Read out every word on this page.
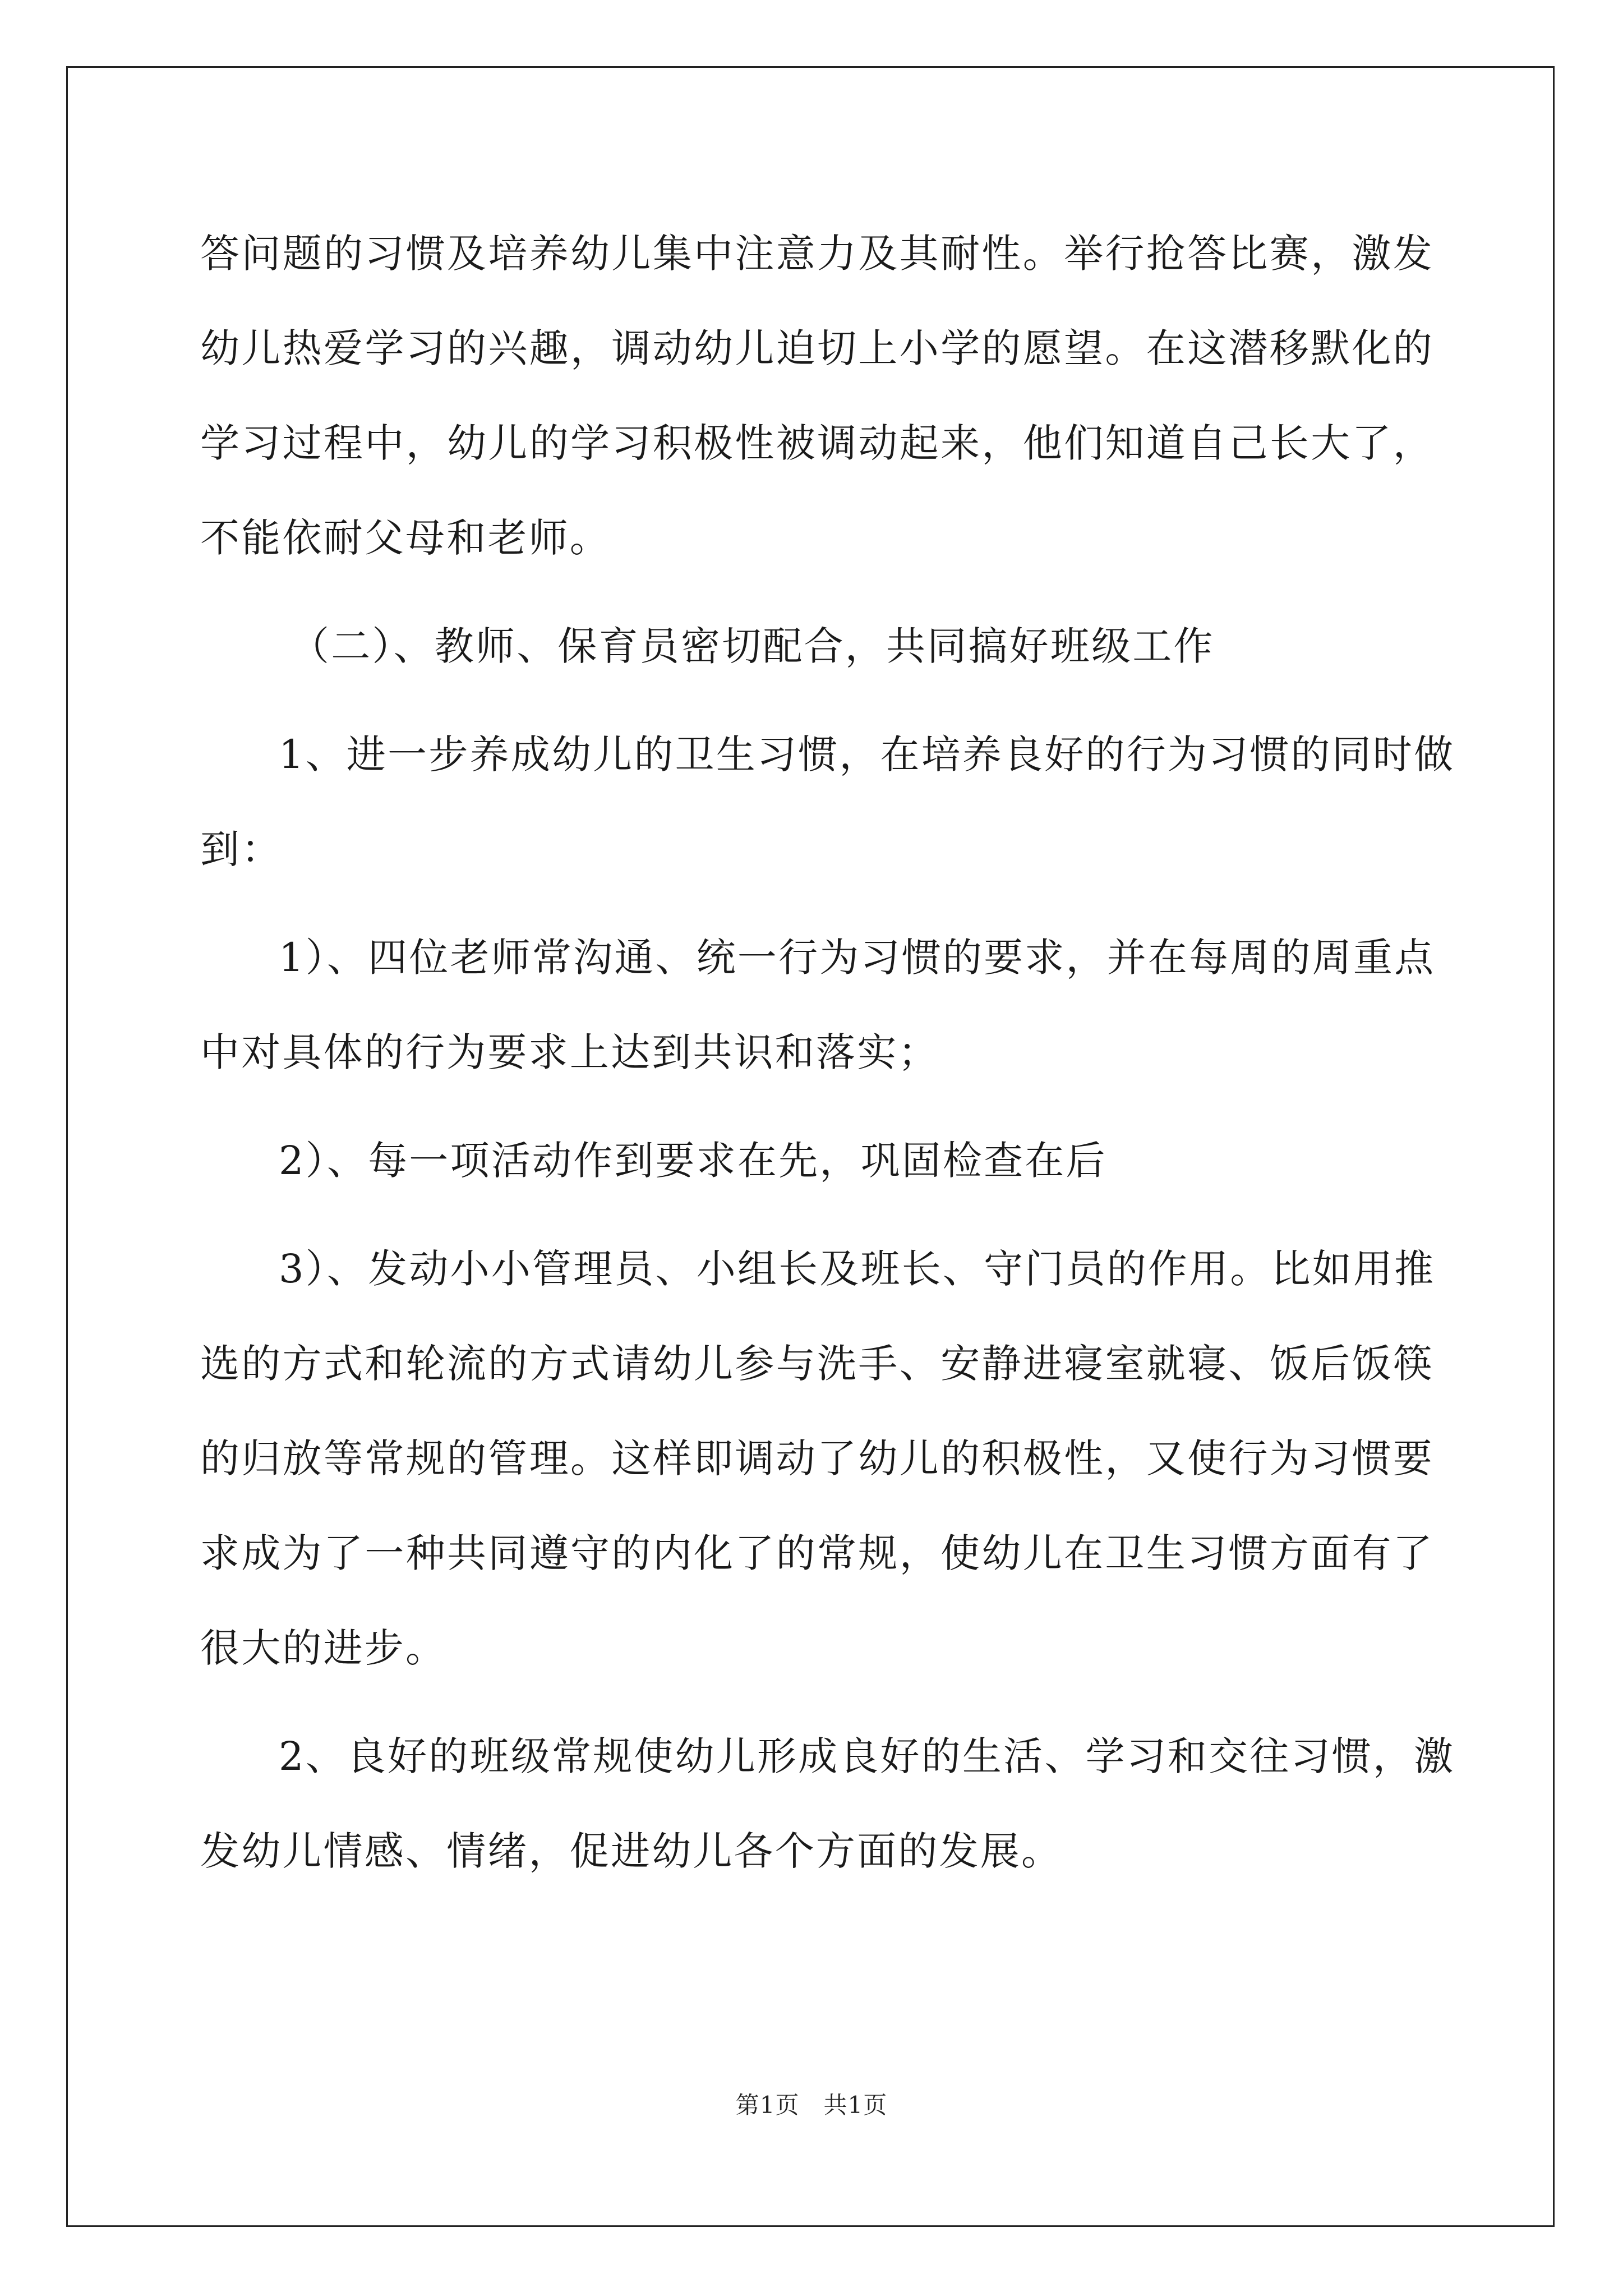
答问题的习惯及培养幼儿集中注意力及其耐性。举行抢答比赛，激发
幼儿热爱学习的兴趣，调动幼儿迫切上小学的愿望。在这潜移默化的
学习过程中，幼儿的学习积极性被调动起来，他们知道自己长大了，
不能依耐父母和老师。
（二）、教师、保育员密切配合，共同搞好班级工作
1、进一步养成幼儿的卫生习惯，在培养良好的行为习惯的同时做
到：
1）、四位老师常沟通、统一行为习惯的要求，并在每周的周重点
中对具体的行为要求上达到共识和落实；
2）、每一项活动作到要求在先，巩固检查在后
3）、发动小小管理员、小组长及班长、守门员的作用。比如用推
选的方式和轮流的方式请幼儿参与洗手、安静进寝室就寝、饭后饭筷
的归放等常规的管理。这样即调动了幼儿的积极性，又使行为习惯要
求成为了一种共同遵守的内化了的常规，使幼儿在卫生习惯方面有了
很大的进步。
2、良好的班级常规使幼儿形成良好的生活、学习和交往习惯，激
发幼儿情感、情绪，促进幼儿各个方面的发展。
第1页　共1页
